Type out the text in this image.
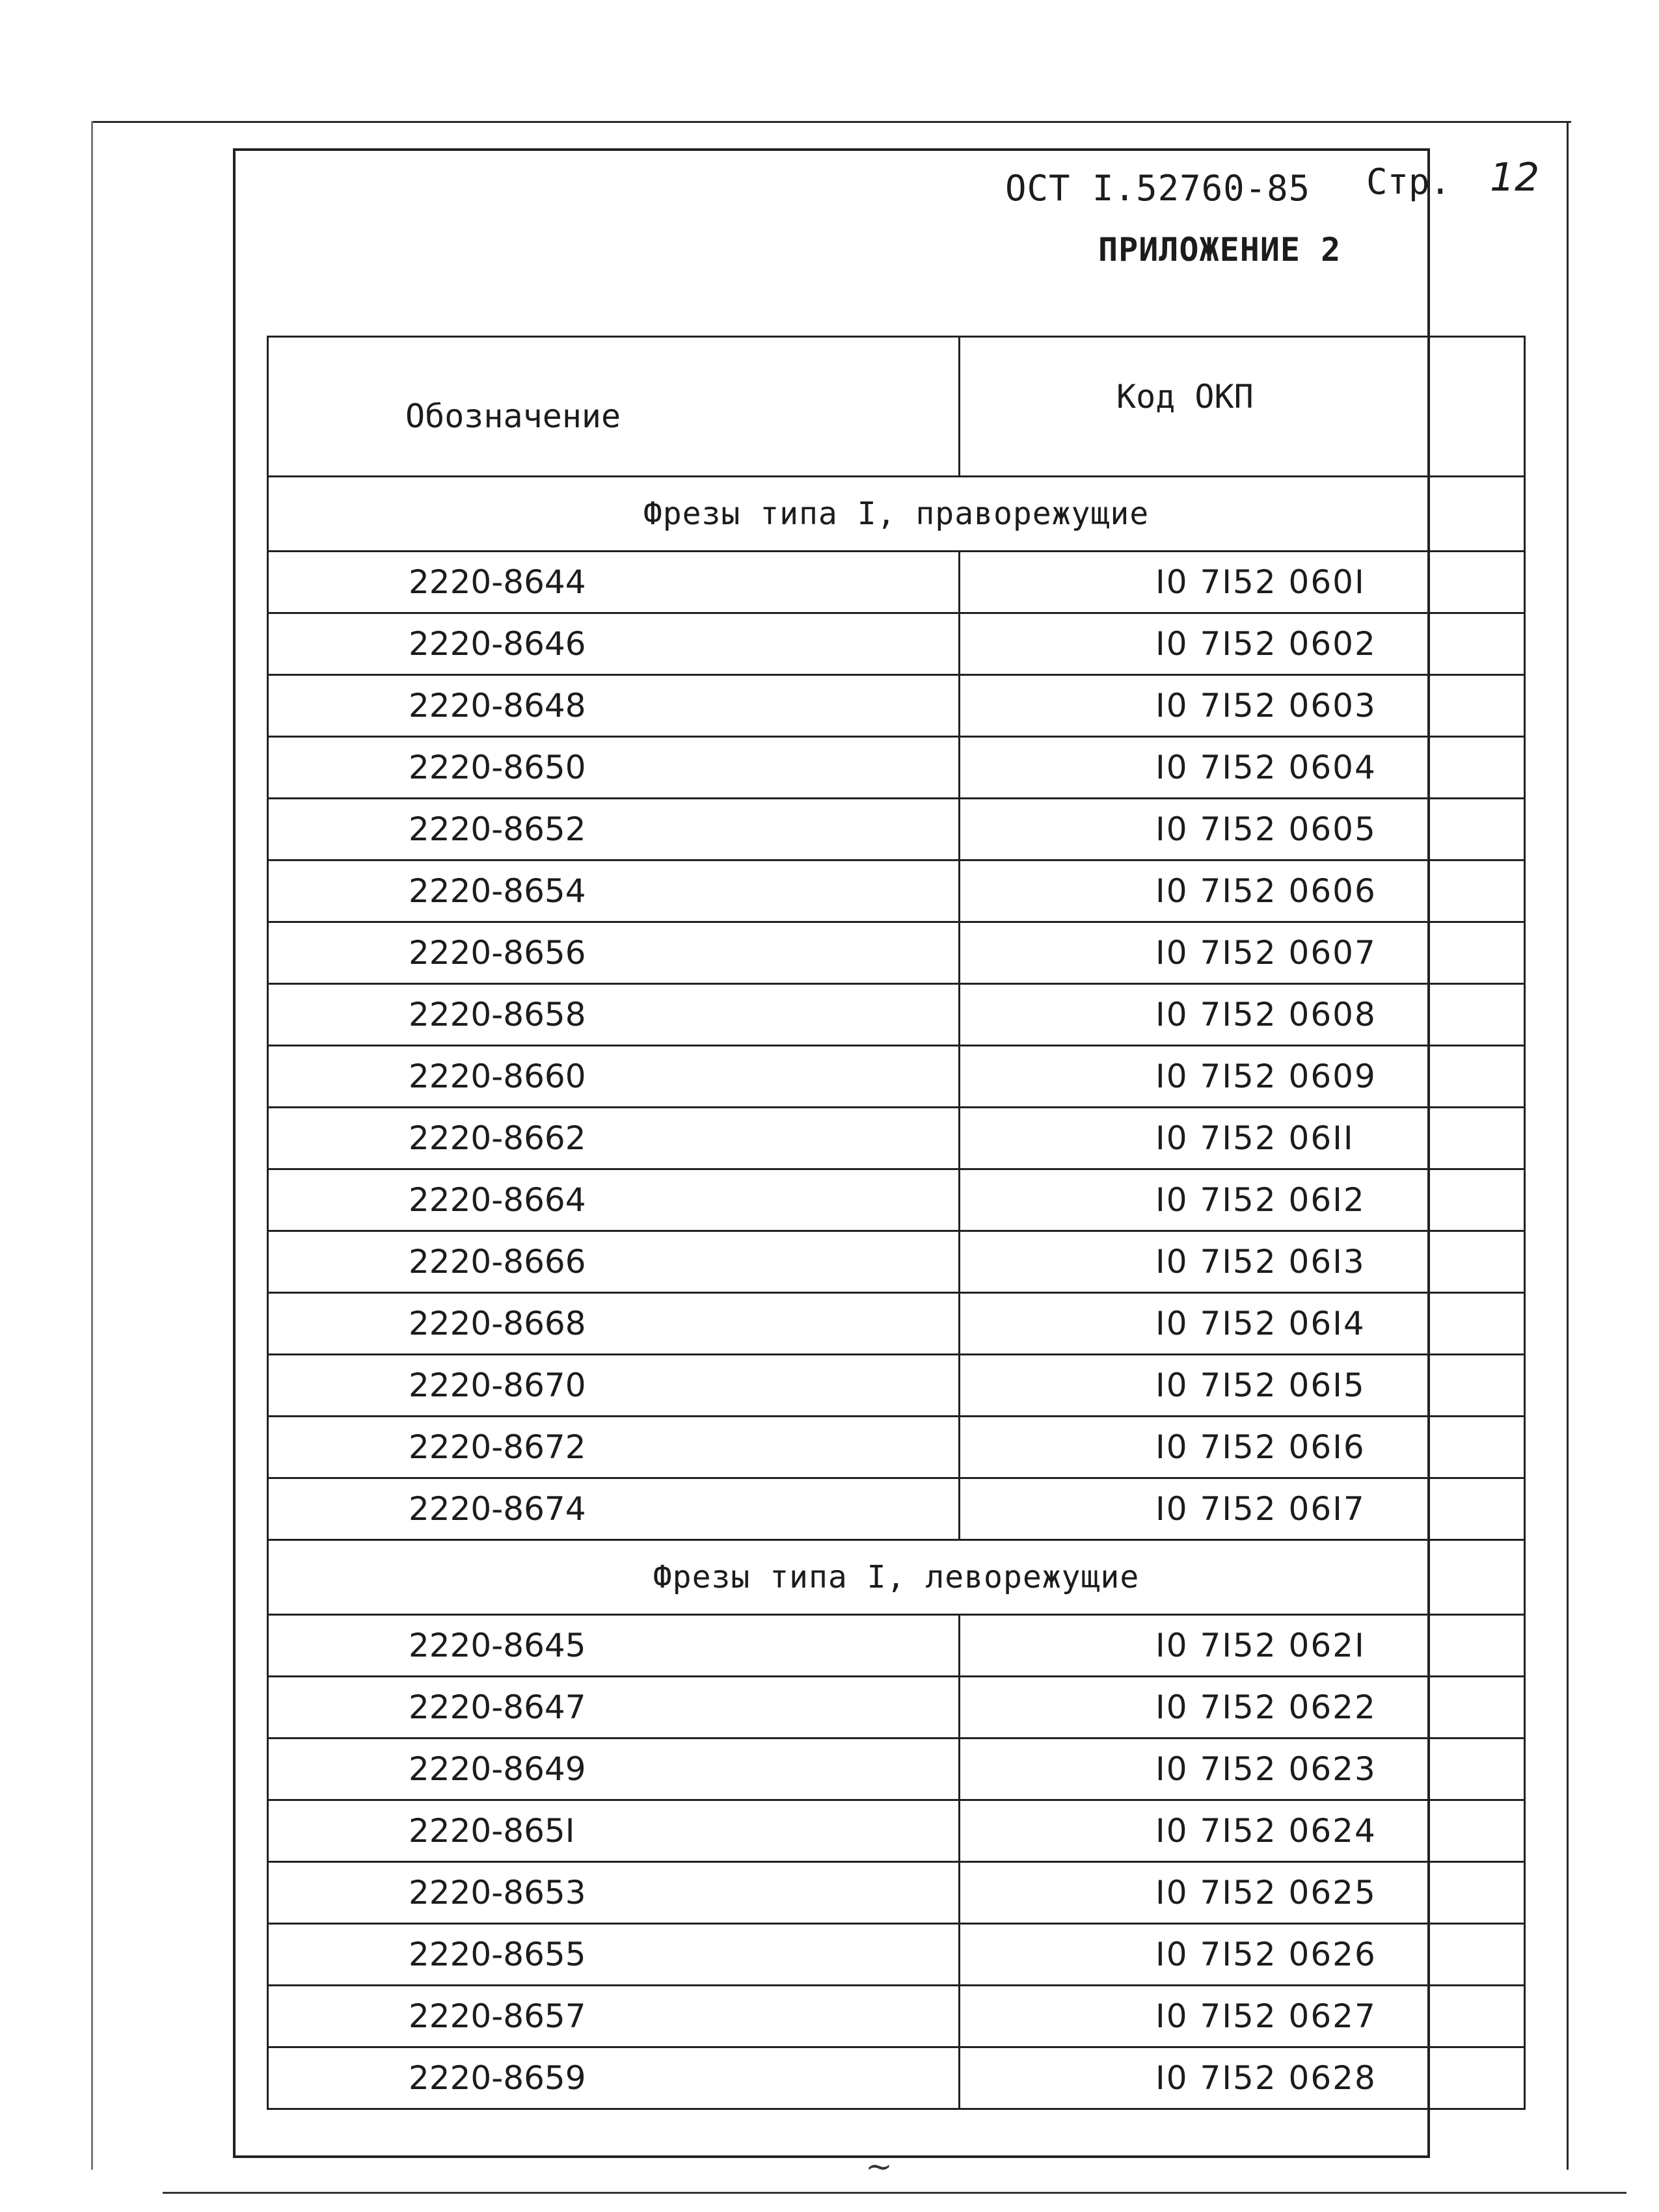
ОСТ I.52760-85 Стр. 12
ПРИЛОЖЕНИЕ 2
Обозначение	Код ОКП
Фрезы типа I, праворежущие	
2220-8644	I0 7I52 060I
2220-8646	I0 7I52 0602
2220-8648	I0 7I52 0603
2220-8650	I0 7I52 0604
2220-8652	I0 7I52 0605
2220-8654	I0 7I52 0606
2220-8656	I0 7I52 0607
2220-8658	I0 7I52 0608
2220-8660	I0 7I52 0609
2220-8662	I0 7I52 06II
2220-8664	I0 7I52 06I2
2220-8666	I0 7I52 06I3
2220-8668	I0 7I52 06I4
2220-8670	I0 7I52 06I5
2220-8672	I0 7I52 06I6
2220-8674	I0 7I52 06I7
Фрезы типа I, леворежущие	
2220-8645	I0 7I52 062I
2220-8647	I0 7I52 0622
2220-8649	I0 7I52 0623
2220-865I	I0 7I52 0624
2220-8653	I0 7I52 0625
2220-8655	I0 7I52 0626
2220-8657	I0 7I52 0627
2220-8659	I0 7I52 0628
~
